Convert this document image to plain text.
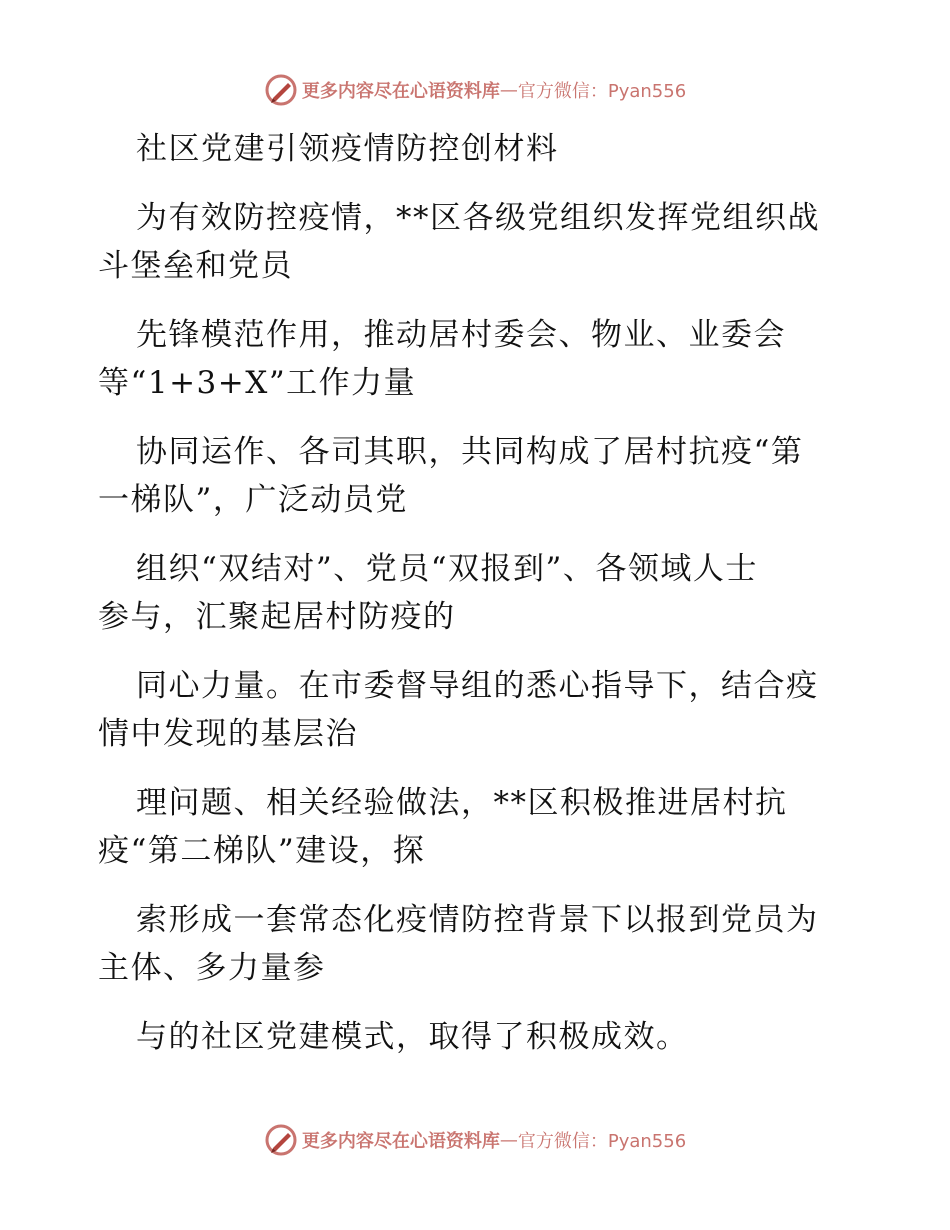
更多内容尽在心语资料库 — 官方微信：Pyan556
社区党建引领疫情防控创材料
为有效防控疫情，**区各级党组织发挥党组织战
斗堡垒和党员
先锋模范作用，推动居村委会、物业、业委会
等“1+3+X”工作力量
协同运作、各司其职，共同构成了居村抗疫“第
一梯队”，广泛动员党
组织“双结对”、党员“双报到”、各领域人士
参与，汇聚起居村防疫的
同心力量。在市委督导组的悉心指导下，结合疫
情中发现的基层治
理问题、相关经验做法，**区积极推进居村抗
疫“第二梯队”建设，探
索形成一套常态化疫情防控背景下以报到党员为
主体、多力量参
与的社区党建模式，取得了积极成效。
更多内容尽在心语资料库 — 官方微信：Pyan556
